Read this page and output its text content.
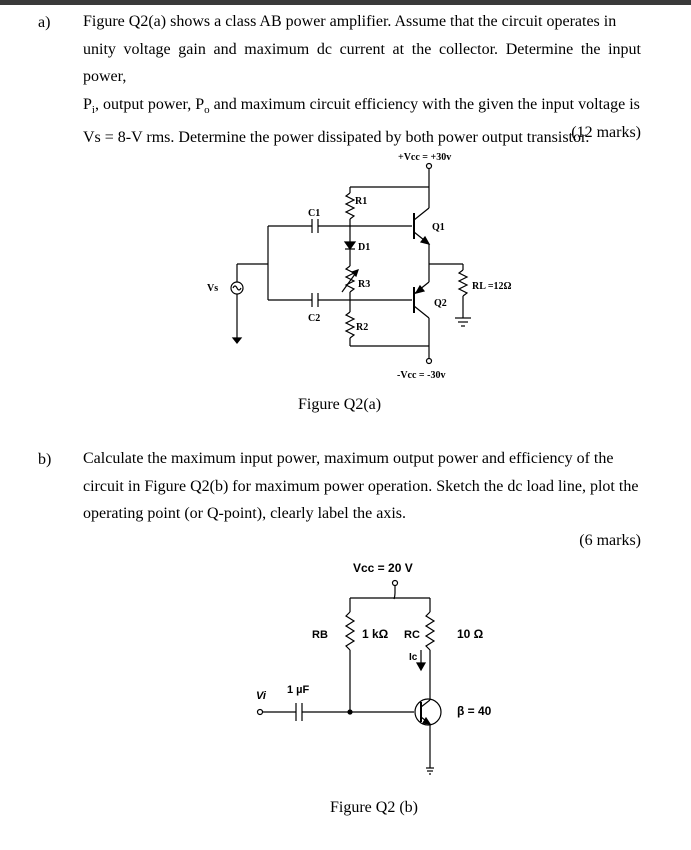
a) Figure Q2(a) shows a class AB power amplifier. Assume that the circuit operates in
unity voltage gain and maximum dc current at the collector. Determine the input power,
$P_i$, output power, $P_o$ and maximum circuit efficiency with the given the input voltage is
Vs = 8-V rms. Determine the power dissipated by both power output transistor.
(12 marks)
b) Calculate the maximum input power, maximum output power and efficiency of the
circuit in Figure Q2(b) for maximum power operation. Sketch the dc load line, plot the
operating point (or Q-point), clearly label the axis.
(6 marks)
Figure Q2(a)
Figure Q2 (b)
+Vcc = +30v
R1
D1
R3
R2
C1
C2
Q1
Q2
Vs	RL =12Ω
-Vcc = -30v
Vcc = 20 V
RB	1 kΩ RC	10 Ω
Ic
β = 40
Vi 1 µF
